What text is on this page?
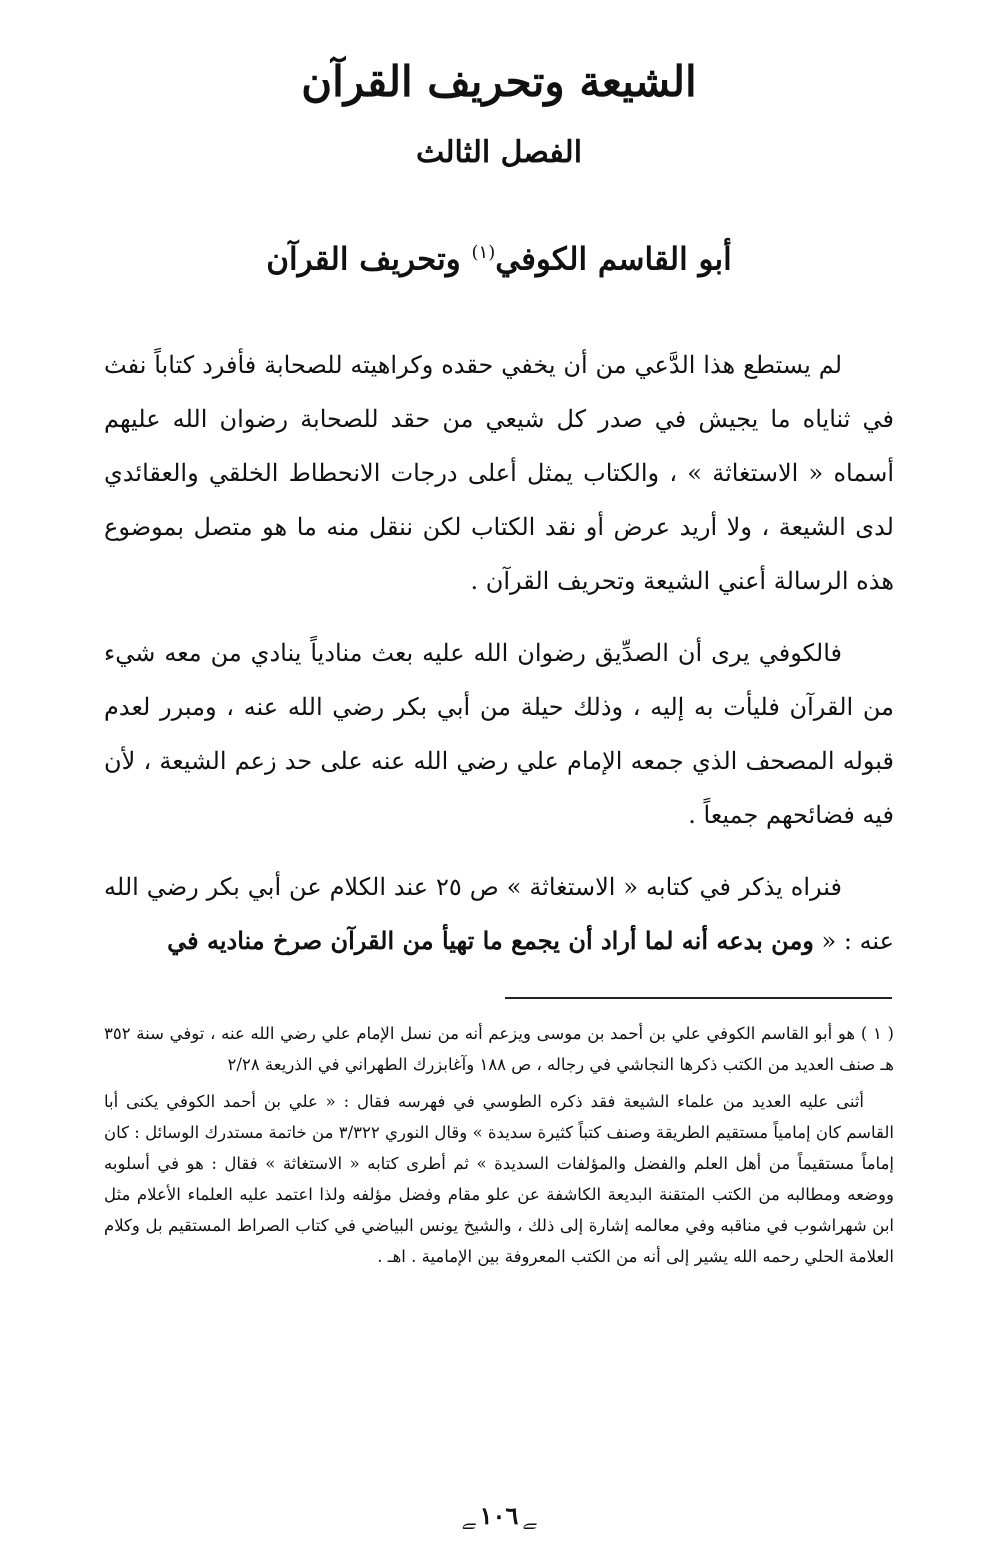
الشيعة وتحريف القرآن
الفصل الثالث
أبو القاسم الكوفي$^{(١)}$ وتحريف القرآن

لم يستطع هذا الدَّعي من أن يخفي حقده وكراهيته للصحابة فأفرد كتاباً نفث في ثناياه ما يجيش في صدر كل شيعي من حقد للصحابة رضوان الله عليهم أسماه « الاستغاثة » ، والكتاب يمثل أعلى درجات الانحطاط الخلقي والعقائدي لدى الشيعة ، ولا أريد عرض أو نقد الكتاب لكن ننقل منه ما هو متصل بموضوع هذه الرسالة أعني الشيعة وتحريف القرآن .

فالكوفي يرى أن الصدِّيق رضوان الله عليه بعث منادياً ينادي من معه شيء من القرآن فليأت به إليه ، وذلك حيلة من أبي بكر رضي الله عنه ، ومبرر لعدم قبوله المصحف الذي جمعه الإمام علي رضي الله عنه على حد زعم الشيعة ، لأن فيه فضائحهم جميعاً .

فنراه يذكر في كتابه « الاستغاثة » ص ٢٥ عند الكلام عن أبي بكر رضي الله عنه : « ومن بدعه أنه لما أراد أن يجمع ما تهيأ من القرآن صرخ مناديه في

( ١ ) هو أبو القاسم الكوفي علي بن أحمد بن موسى ويزعم أنه من نسل الإمام علي رضي الله عنه ، توفي سنة ٣٥٢ هـ صنف العديد من الكتب ذكرها النجاشي في رجاله ، ص ١٨٨ وآغابزرك الطهراني في الذريعة ٢/٢٨

أثنى عليه العديد من علماء الشيعة فقد ذكره الطوسي في فهرسه فقال : « علي بن أحمد الكوفي يكنى أبا القاسم كان إمامياً مستقيم الطريقة وصنف كتباً كثيرة سديدة » وقال النوري ٣/٣٢٢ من خاتمة مستدرك الوسائل : كان إماماً مستقيماً من أهل العلم والفضل والمؤلفات السديدة » ثم أطرى كتابه « الاستغاثة » فقال : هو في أسلوبه ووضعه ومطالبه من الكتب المتقنة البديعة الكاشفة عن علو مقام وفضل مؤلفه ولذا اعتمد عليه العلماء الأعلام مثل ابن شهراشوب في مناقبه وفي معالمه إشارة إلى ذلك ، والشيخ يونس البياضي في كتاب الصراط المستقيم بل وكلام العلامة الحلي رحمه الله يشير إلى أنه من الكتب المعروفة بين الإمامية . اهـ .

ﮯ١٠٦ﮯ
